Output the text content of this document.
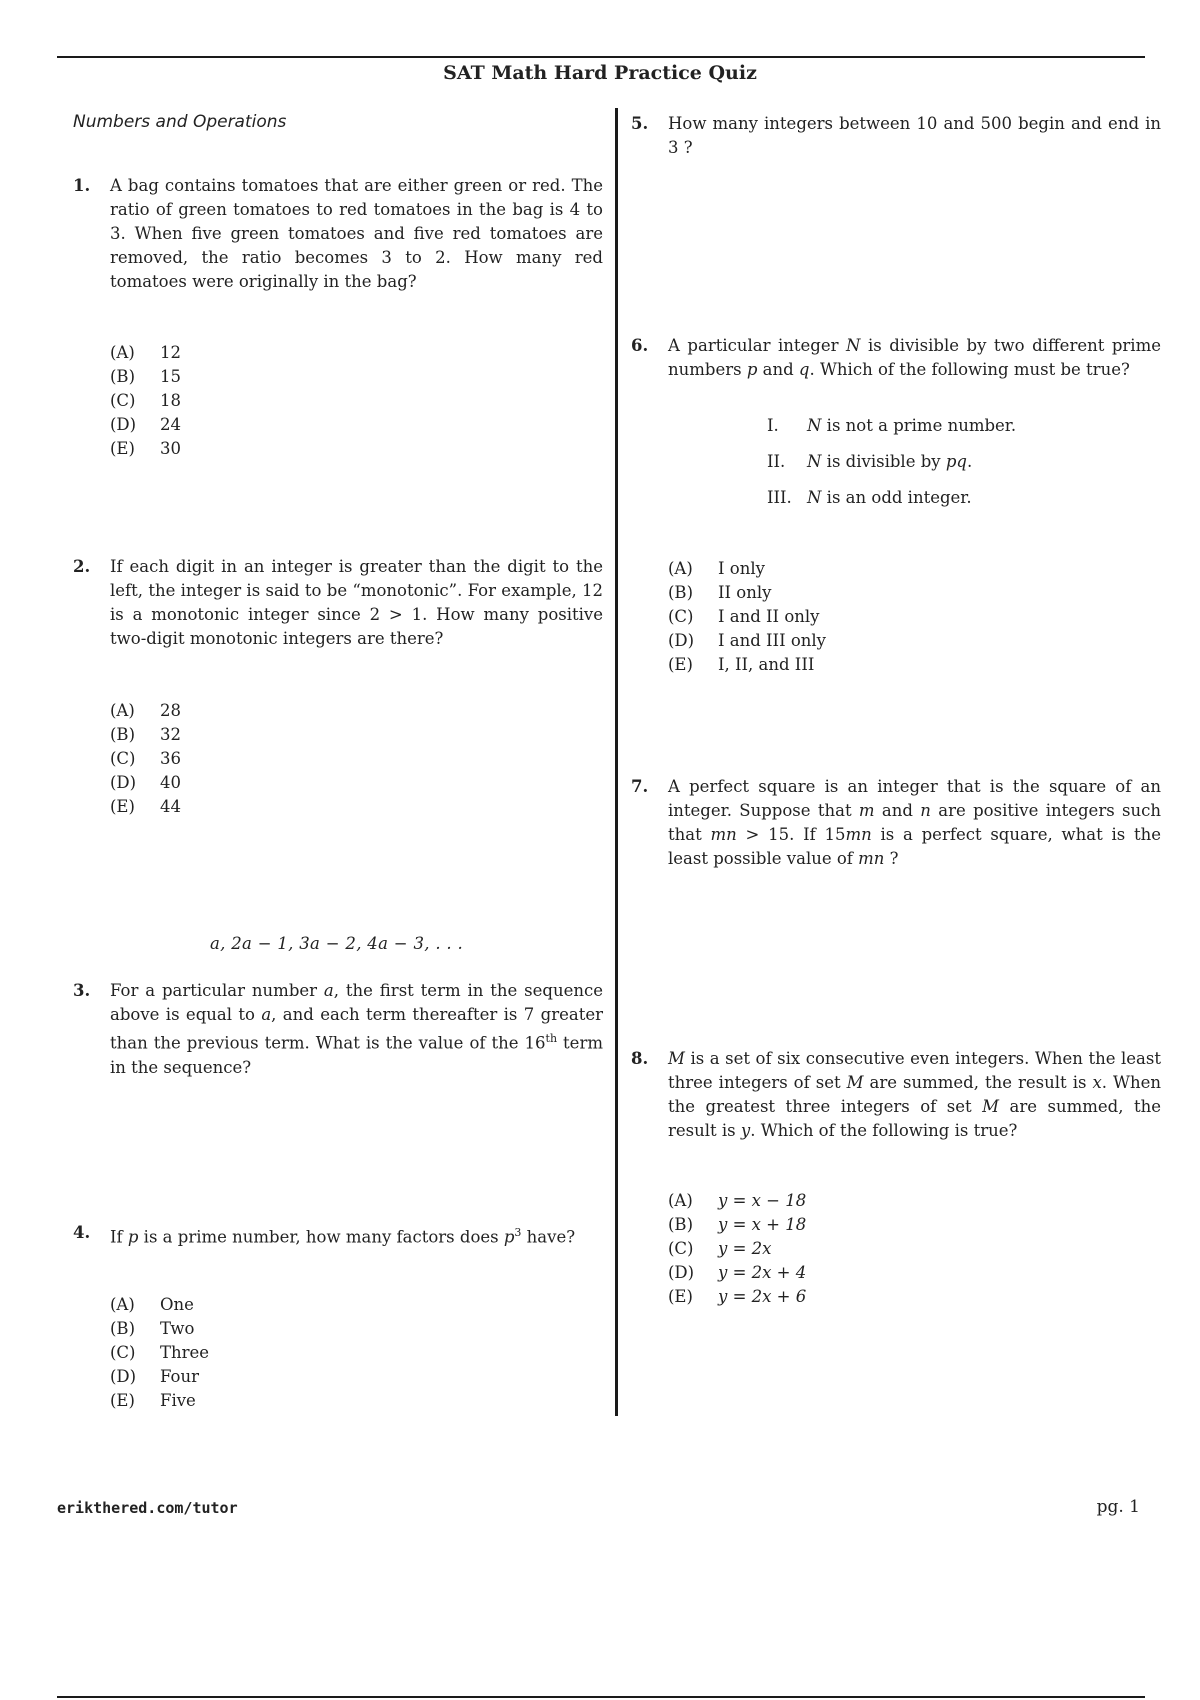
SAT Math Hard Practice Quiz
Numbers and Operations
1. A bag contains tomatoes that are either green or red. The ratio of green tomatoes to red tomatoes in the bag is 4 to 3. When five green tomatoes and five red tomatoes are removed, the ratio becomes 3 to 2. How many red tomatoes were originally in the bag?
(A)	12
(B)	15
(C)	18
(D)	24
(E)	30
2. If each digit in an integer is greater than the digit to the left, the integer is said to be “monotonic”. For example, 12 is a monotonic integer since 2 > 1. How many positive two-digit monotonic integers are there?
(A)	28
(B)	32
(C)	36
(D)	40
(E)	44
a, 2a − 1, 3a − 2, 4a − 3, . . .
3. For a particular number a, the first term in the sequence above is equal to a, and each term thereafter is 7 greater than the previous term. What is the value of the 16th term in the sequence?
4. If p is a prime number, how many factors does $p^3$ have?
(A)	One
(B)	Two
(C)	Three
(D)	Four
(E)	Five
5. How many integers between 10 and 500 begin and end in 3 ?
6. A particular integer N is divisible by two different prime numbers p and q. Which of the following must be true?
I.	N is not a prime number.
II.	N is divisible by pq.
III. N is an odd integer.
(A)	I only
(B)	II only
(C)	I and II only
(D)	I and III only
(E)	I, II, and III
7. A perfect square is an integer that is the square of an integer. Suppose that m and n are positive integers such that mn > 15. If 15mn is a perfect square, what is the least possible value of mn ?
8. M is a set of six consecutive even integers. When the least three integers of set M are summed, the result is x. When the greatest three integers of set M are summed, the result is y. Which of the following is true?
(A)	y = x − 18
(B)	y = x + 18
(C)	y = 2x
(D)	y = 2x + 4
(E)	y = 2x + 6
erikthered.com/tutor	pg. 1
